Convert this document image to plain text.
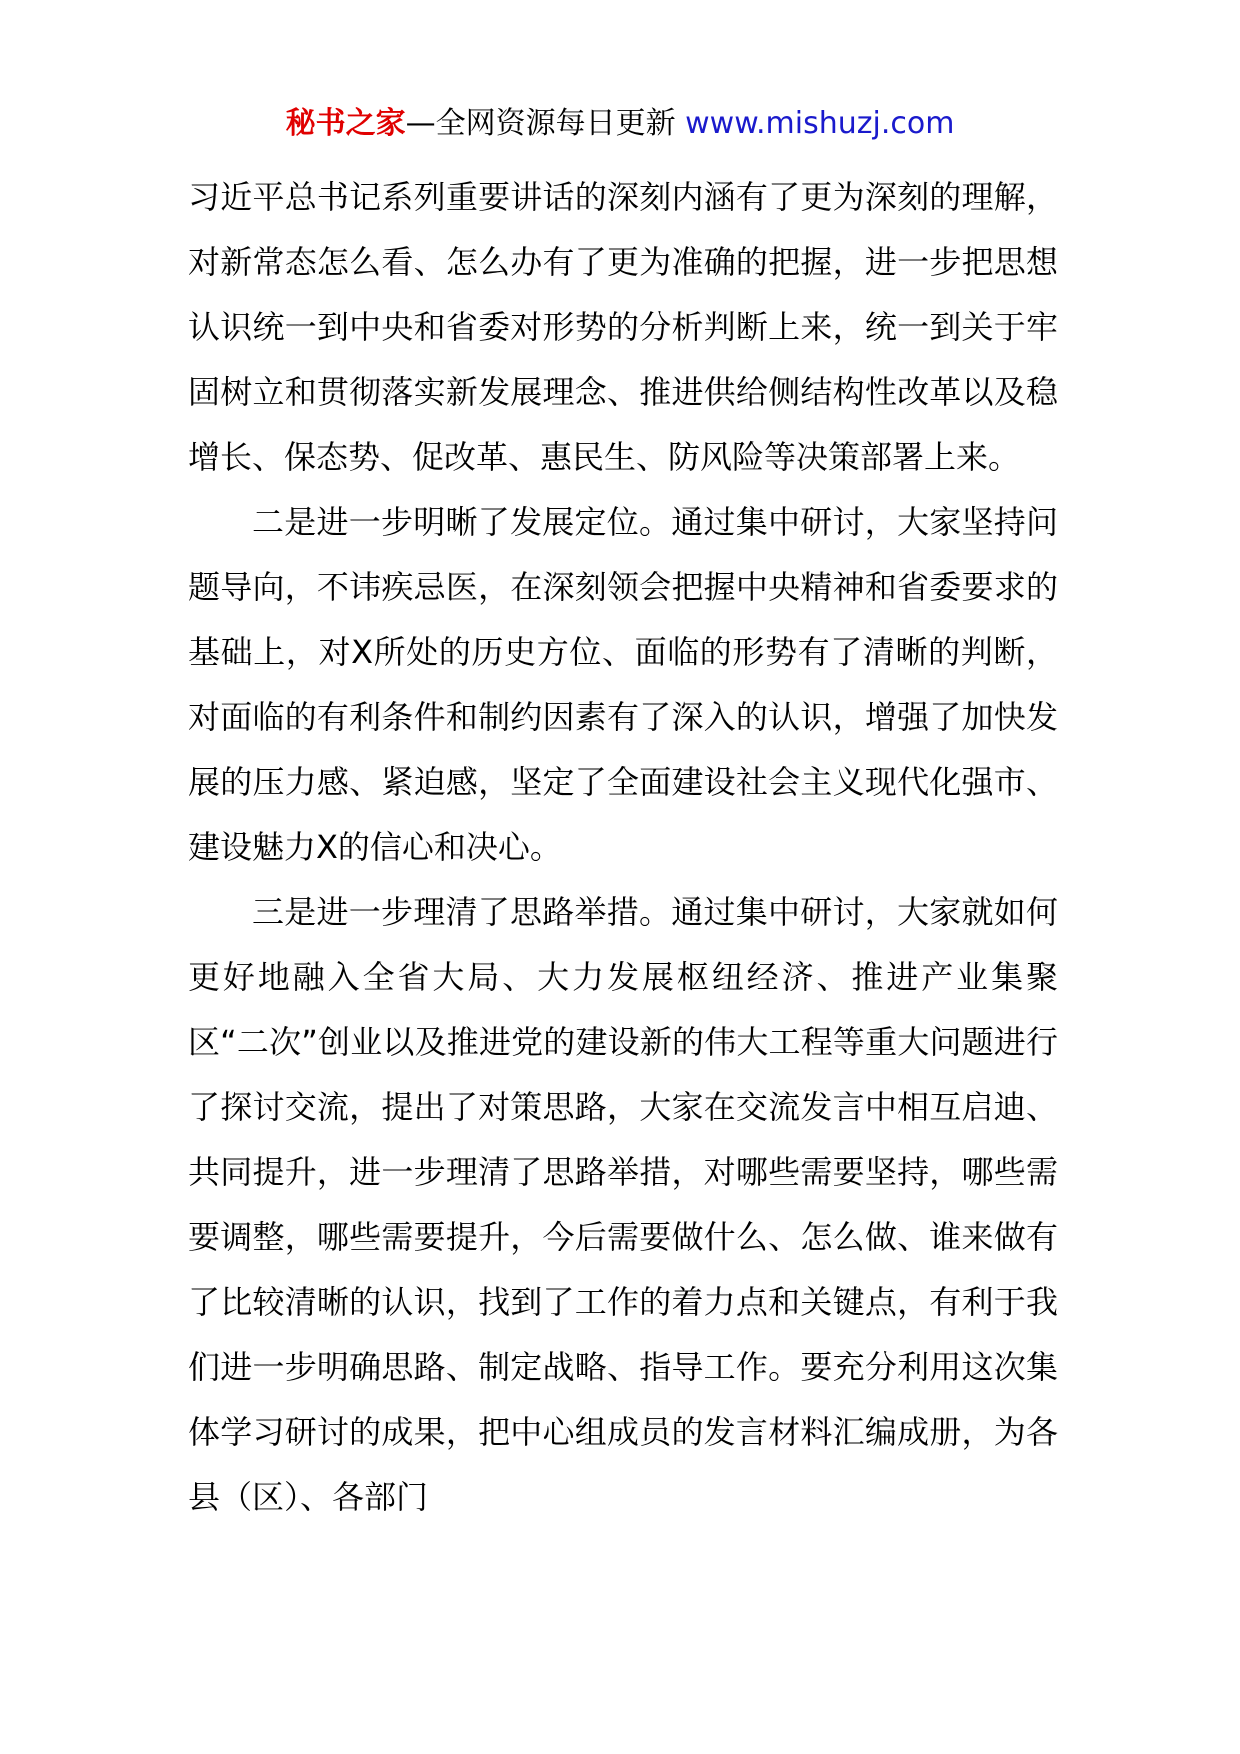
秘书之家—全网资源每日更新 www.mishuzj.com

习近平总书记系列重要讲话的深刻内涵有了更为深刻的理解，对新常态怎么看、怎么办有了更为准确的把握，进一步把思想认识统一到中央和省委对形势的分析判断上来，统一到关于牢固树立和贯彻落实新发展理念、推进供给侧结构性改革以及稳增长、保态势、促改革、惠民生、防风险等决策部署上来。

二是进一步明晰了发展定位。通过集中研讨，大家坚持问题导向，不讳疾忌医，在深刻领会把握中央精神和省委要求的基础上，对X所处的历史方位、面临的形势有了清晰的判断，对面临的有利条件和制约因素有了深入的认识，增强了加快发展的压力感、紧迫感，坚定了全面建设社会主义现代化强市、建设魅力X的信心和决心。

三是进一步理清了思路举措。通过集中研讨，大家就如何更好地融入全省大局、大力发展枢纽经济、推进产业集聚区“二次”创业以及推进党的建设新的伟大工程等重大问题进行了探讨交流，提出了对策思路，大家在交流发言中相互启迪、共同提升，进一步理清了思路举措，对哪些需要坚持，哪些需要调整，哪些需要提升，今后需要做什么、怎么做、谁来做有了比较清晰的认识，找到了工作的着力点和关键点，有利于我们进一步明确思路、制定战略、指导工作。要充分利用这次集体学习研讨的成果，把中心组成员的发言材料汇编成册，为各县（区）、各部门
